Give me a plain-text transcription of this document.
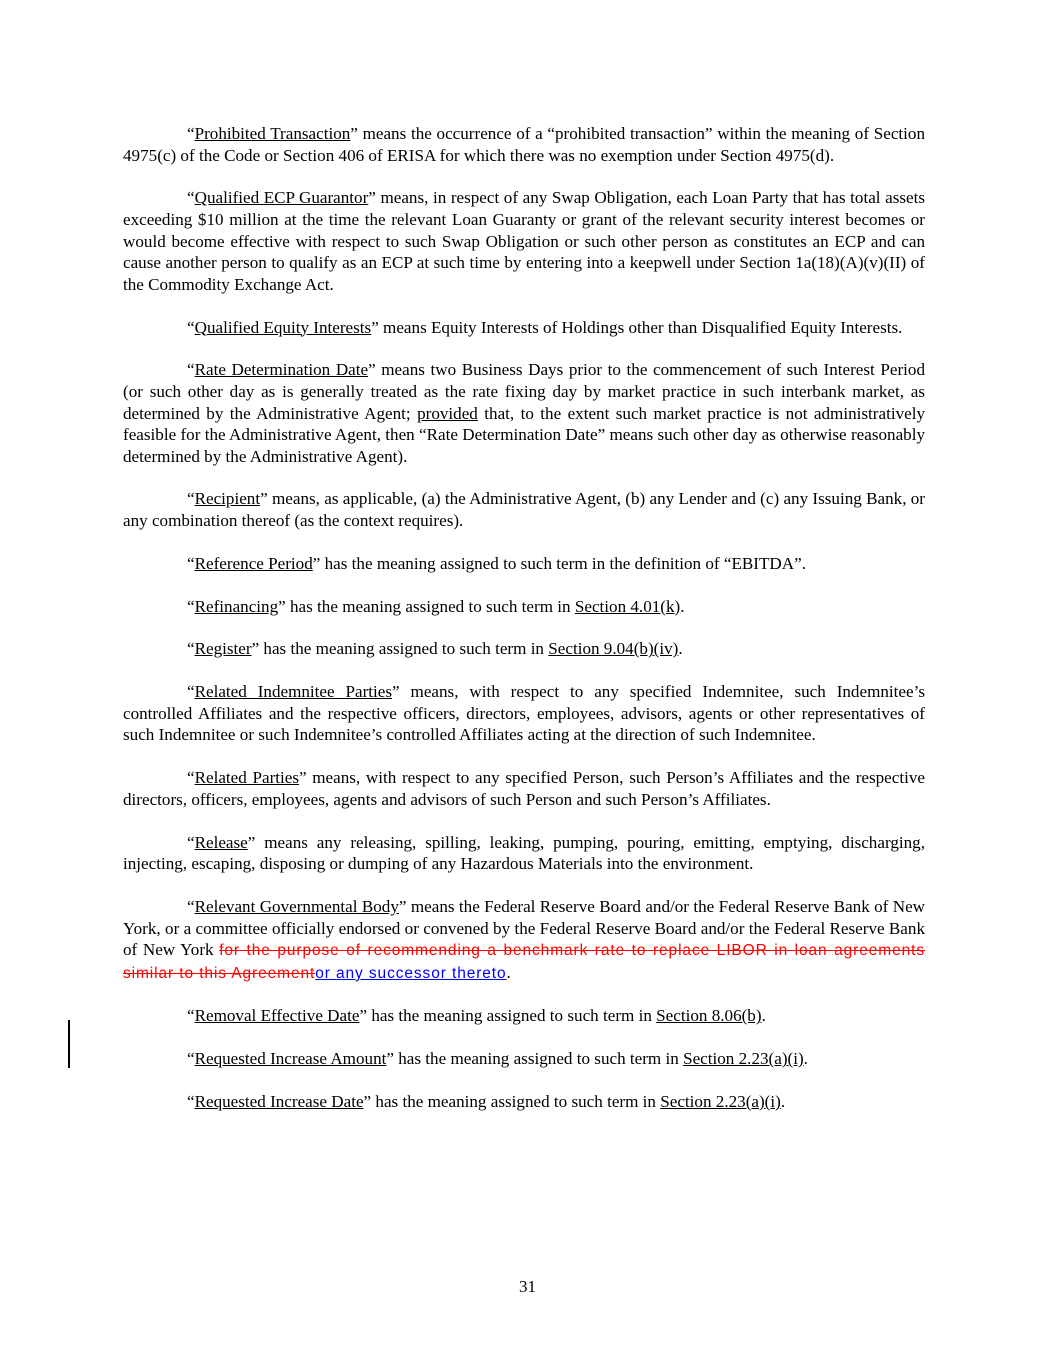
“Prohibited Transaction” means the occurrence of a “prohibited transaction” within the meaning of Section 4975(c) of the Code or Section 406 of ERISA for which there was no exemption under Section 4975(d).

“Qualified ECP Guarantor” means, in respect of any Swap Obligation, each Loan Party that has total assets exceeding $10 million at the time the relevant Loan Guaranty or grant of the relevant security interest becomes or would become effective with respect to such Swap Obligation or such other person as constitutes an ECP and can cause another person to qualify as an ECP at such time by entering into a keepwell under Section 1a(18)(A)(v)(II) of the Commodity Exchange Act.

“Qualified Equity Interests” means Equity Interests of Holdings other than Disqualified Equity Interests.

“Rate Determination Date” means two Business Days prior to the commencement of such Interest Period (or such other day as is generally treated as the rate fixing day by market practice in such interbank market, as determined by the Administrative Agent; provided that, to the extent such market practice is not administratively feasible for the Administrative Agent, then “Rate Determination Date” means such other day as otherwise reasonably determined by the Administrative Agent).

“Recipient” means, as applicable, (a) the Administrative Agent, (b) any Lender and (c) any Issuing Bank, or any combination thereof (as the context requires).

“Reference Period” has the meaning assigned to such term in the definition of “EBITDA”.

“Refinancing” has the meaning assigned to such term in Section 4.01(k).

“Register” has the meaning assigned to such term in Section 9.04(b)(iv).

“Related Indemnitee Parties” means, with respect to any specified Indemnitee, such Indemnitee’s controlled Affiliates and the respective officers, directors, employees, advisors, agents or other representatives of such Indemnitee or such Indemnitee’s controlled Affiliates acting at the direction of such Indemnitee.

“Related Parties” means, with respect to any specified Person, such Person’s Affiliates and the respective directors, officers, employees, agents and advisors of such Person and such Person’s Affiliates.

“Release” means any releasing, spilling, leaking, pumping, pouring, emitting, emptying, discharging, injecting, escaping, disposing or dumping of any Hazardous Materials into the environment.

“Relevant Governmental Body” means the Federal Reserve Board and/or the Federal Reserve Bank of New York, or a committee officially endorsed or convened by the Federal Reserve Board and/or the Federal Reserve Bank of New York for the purpose of recommending a benchmark rate to replace LIBOR in loan agreements similar to this Agreementor any successor thereto.

“Removal Effective Date” has the meaning assigned to such term in Section 8.06(b).

“Requested Increase Amount” has the meaning assigned to such term in Section 2.23(a)(i).

“Requested Increase Date” has the meaning assigned to such term in Section 2.23(a)(i).

31
